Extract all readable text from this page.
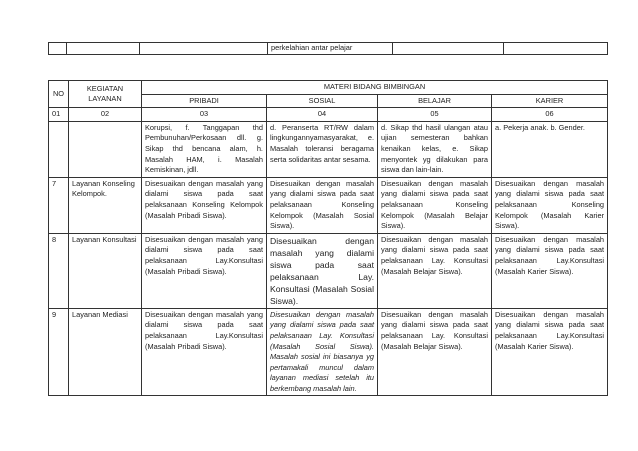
			perkelahian antar pelajar		
NO	KEGIATAN LAYANAN	MATERI BIDANG BIMBINGAN			
		PRIBADI	SOSIAL	BELAJAR	KARIER
01	02	03	04	05	06
		Korupsi, f. Tanggapan thd Pembunuhan/Perkosaan dll. g. Sikap thd bencana alam, h. Masalah HAM, i. Masalah Kemiskinan, jdll.	d. Peranserta RT/RW dalam lingkungannyamasyarakat, e. Masalah toleransi beragama serta solidaritas antar sesama.	d. Sikap thd hasil ulangan atau ujian semesteran bahkan kenaikan kelas, e. Sikap menyontek yg dilakukan para siswa dan lain-lain.	a. Pekerja anak. b. Gender.
7	Layanan Konseling Kelompok.	Disesuaikan dengan masalah yang dialami siswa pada saat pelaksanaan Konseling Kelompok (Masalah Pribadi Siswa).	Disesuaikan dengan masalah yang dialami siswa pada saat pelaksanaan Konseling Kelompok (Masalah Sosial Siswa).	Disesuaikan dengan masalah yang dialami siswa pada saat pelaksanaan Konseling Kelompok (Masalah Belajar Siswa).	Disesuaikan dengan masalah yang dialami siswa pada saat pelaksanaan Konseling Kelompok (Masalah Karier Siswa).
8	Layanan Konsultasi	Disesuaikan dengan masalah yang dialami siswa pada saat pelaksanaan Lay.Konsultasi (Masalah Pribadi Siswa).	Disesuaikan dengan masalah yang dialami siswa pada saat pelaksanaan Lay. Konsultasi (Masalah Sosial Siswa).	Disesuaikan dengan masalah yang dialami siswa pada saat pelaksanaan Lay. Konsultasi (Masalah Belajar Siswa).	Disesuaikan dengan masalah yang dialami siswa pada saat pelaksanaan Lay.Konsultasi (Masalah Karier Siswa).
9	Layanan Mediasi	Disesuaikan dengan masalah yang dialami siswa pada saat pelaksanaan Lay.Konsultasi (Masalah Pribadi Siswa).	Disesuaikan dengan masalah yang dialami siswa pada saat pelaksanaan Lay. Konsultasi (Masalah Sosial Siswa). Masalah sosial ini biasanya yg pertamakali muncul dalam layanan mediasi setelah itu berkembang masalah lain.	Disesuaikan dengan masalah yang dialami siswa pada saat pelaksanaan Lay. Konsultasi (Masalah Belajar Siswa).	Disesuaikan dengan masalah yang dialami siswa pada saat pelaksanaan Lay.Konsultasi (Masalah Karier Siswa).
